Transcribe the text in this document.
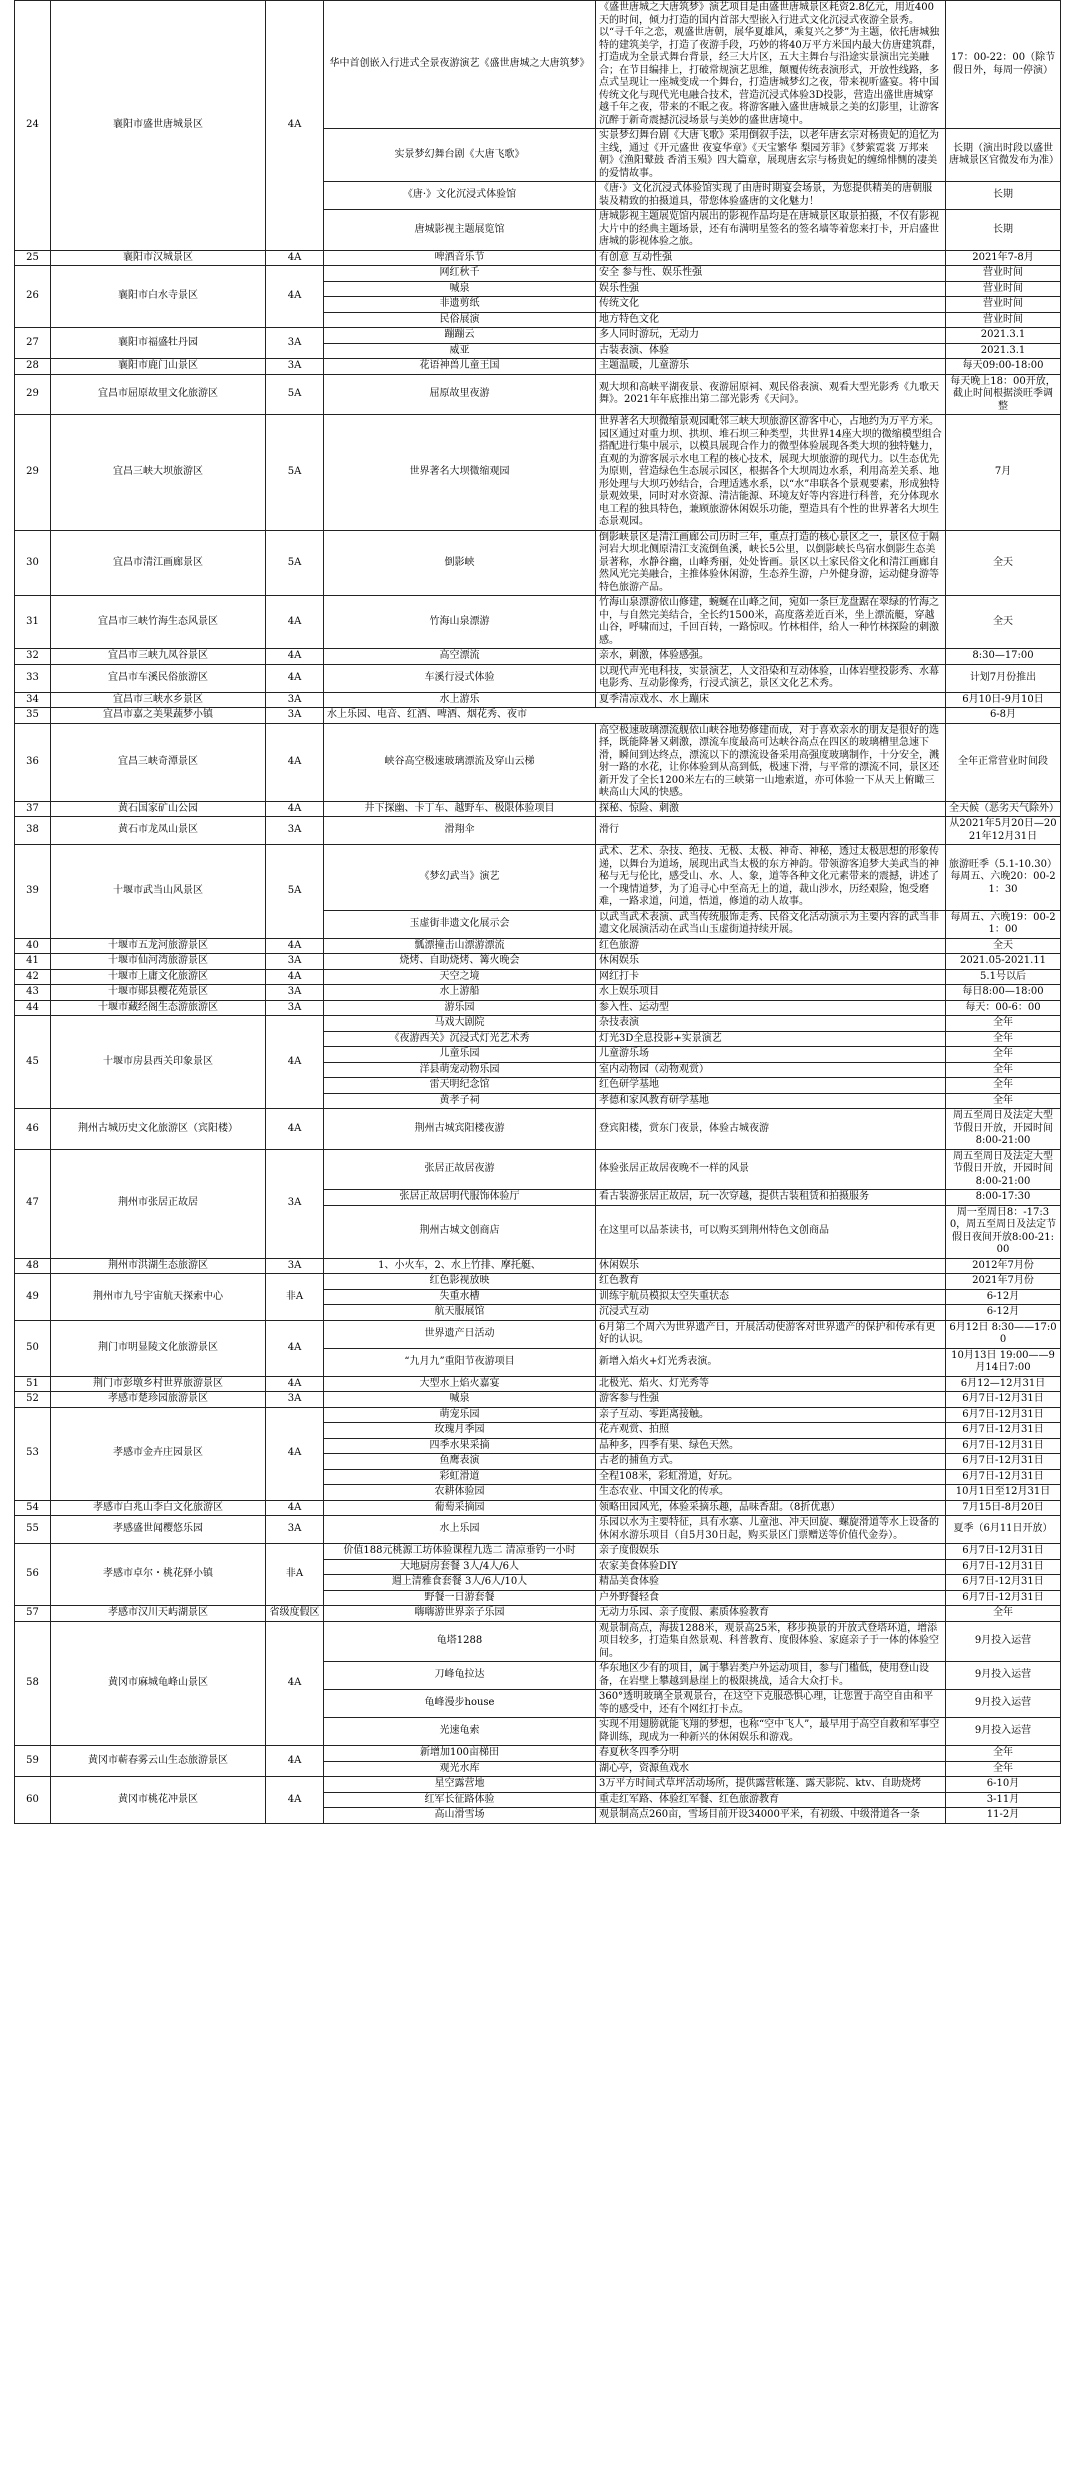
24	襄阳市盛世唐城景区	4A	华中首创嵌入行进式全景夜游演艺《盛世唐城之大唐筑梦》	《盛世唐城之大唐筑梦》演艺项目是由盛世唐城景区耗资2.8亿元，用近400天的时间，倾力打造的国内首部大型嵌入行进式文化沉浸式夜游全景秀。以“寻千年之恋，观盛世唐朝，展华夏雄风，乘复兴之梦”为主题，依托唐城独特的建筑美学，打造了夜游手段，巧妙的将40万平方米国内最大仿唐建筑群，打造成为全景式舞台背景，经三大片区，五大主舞台与沿途实景演出完美融合；在节目编排上，打破常规演艺思维，颠覆传统表演形式，开放性线路，多点式呈现让一座城变成一个舞台，打造唐城梦幻之夜，带来视听盛宴。将中国传统文化与现代光电融合技术，营造沉浸式体验3D投影，营造出盛世唐城穿越千年之夜，带来的不眠之夜。将游客融入盛世唐城景之美的幻影里，让游客沉醉于新奇震撼沉浸场景与美妙的盛世唐境中。	17：00-22：00（除节假日外，每周一停演）
			实景梦幻舞台剧《大唐飞歌》	实景梦幻舞台剧《大唐飞歌》采用倒叙手法，以老年唐玄宗对杨贵妃的追忆为主线，通过《开元盛世 夜宴华章》《天宝繁华 梨园芳菲》《梦萦霓裳 万邦来朝》《渔阳鼙鼓 香消玉殒》四大篇章，展现唐玄宗与杨贵妃的缠绵悱恻的凄美的爱情故事。	长期（演出时段以盛世唐城景区官微发布为准）
			《唐·》文化沉浸式体验馆	《唐·》文化沉浸式体验馆实现了由唐时期宴会场景，为您提供精美的唐朝服装及精致的拍摄道具，带您体验盛唐的文化魅力！	长期
			唐城影视主题展览馆	唐城影视主题展览馆内展出的影视作品均是在唐城景区取景拍摄，不仅有影视大片中的经典主题场景，还有布满明星签名的签名墙等着您来打卡，开启盛世唐城的影视体验之旅。	长期
25	襄阳市汉城景区	4A	啤酒音乐节	有创意 互动性强	2021年7-8月
26	襄阳市白水寺景区	4A	网红秋千	安全 参与性、娱乐性强	营业时间
			喊泉	娱乐性强	营业时间
			非遗剪纸	传统文化	营业时间
			民俗展演	地方特色文化	营业时间
27	襄阳市福盛牡丹园	3A	蹦蹦云	多人同时游玩，无动力	2021.3.1
			威亚	古装表演、体验	2021.3.1
28	襄阳市鹿门山景区	3A	花语神兽儿童王国	主题温暖，儿童游乐	每天09:00-18:00
29	宜昌市屈原故里文化旅游区	5A	屈原故里夜游	观大坝和高峡平湖夜景、夜游屈原祠、观民俗表演、观看大型光影秀《九歌天舞》。2021年年底推出第二部光影秀《天问》。	每天晚上18：00开放，截止时间根据淡旺季调整
29	宜昌三峡大坝旅游区	5A	世界著名大坝微缩观园	世界著名大坝微缩景观园毗邻三峡大坝旅游区游客中心，占地约为万平方米。园区通过对重力坝、拱坝、堆石坝三种类型，共世界14座大坝的微缩模型组合搭配进行集中展示，以模具展现合作力的微型体验展现各类大坝的独特魅力，直观的为游客展示水电工程的核心技术，展现大坝旅游的现代力。以生态优先为原则，营造绿色生态展示园区，根据各个大坝周边水系，利用高差关系、地形处理与大坝巧妙结合，合理适逃水系，以“水”串联各个景观要素，形成独特景观效果，同时对水资源、清洁能源、环境友好等内容进行科普，充分体现水电工程的独具特色，兼顾旅游休闲娱乐功能，塑造具有个性的世界著名大坝生态景观园。	7月
30	宜昌市清江画廊景区	5A	倒影峡	倒影峡景区是清江画廊公司历时三年，重点打造的核心景区之一，景区位于隔河岩大坝北侧原清江支流倒鱼溪，峡长5公里，以倒影峡长鸟宿水倒影生态美景著称，水静谷幽，山峰秀丽，处处皆画。景区以土家民俗文化和清江画廊自然风光完美融合，主推体验休闲游，生态养生游，户外健身游，运动健身游等特色旅游产品。	全天
31	宜昌市三峡竹海生态风景区	4A	竹海山泉漂游	竹海山泉漂游依山修建，蜿蜒在山峰之间，宛如一条巨龙盘踞在翠绿的竹海之中，与自然完美结合，全长约1500米，高度落差近百米，坐上漂流艇，穿越山谷，呼啸而过，千回百转，一路惊叹。竹林相伴，给人一种竹林探险的刺激感。	全天
32	宜昌市三峡九凤谷景区	4A	高空漂流	亲水，刺激，体验感强。	8:30—17:00
33	宜昌市车溪民俗旅游区	4A	车溪行浸式体验	以现代声光电科技，实景演艺，人文沿染和互动体验，山体岩壁投影秀、水幕电影秀、互动影像秀，行浸式演艺，景区文化艺术秀。	计划7月份推出
34	宜昌市三峡水乡景区	3A	水上游乐	夏季清凉戏水、水上蹦床	6月10日-9月10日
35	宜昌市嘉之美果蔬梦小镇	3A	水上乐园、电音、红酒、啤酒、烟花秀、夜市		6-8月
36	宜昌三峡奇潭景区	4A	峡谷高空极速玻璃漂流及穿山云梯	高空极速玻璃漂流舰依山峡谷地势修建而成，对于喜欢亲水的朋友是很好的选择，既能降暑又刺激，漂流车度最高可达峡谷高点在四区的玻璃槽里急速下滑，瞬间到达终点，漂流以下的漂流设备采用高强度玻璃制作，十分安全，溅射一路的水花，让你体验到从高到低，极速下滑，与平常的漂流不同，景区还新开发了全长1200米左右的三峡第一山地索道，亦可体验一下从天上俯瞰三峡高山大风的快感。	全年正常营业时间段
37	黄石国家矿山公园	4A	井下探幽、卡丁车、越野车、极限体验项目	探秘、惊险、刺激	全天候（恶劣天气除外）
38	黄石市龙凤山景区	3A	滑翔伞	滑行	从2021年5月20日—2021年12月31日
39	十堰市武当山风景区	5A	《梦幻武当》演艺	武术、艺术、杂技、绝技、无极、太极、神奇、神秘，透过太极思想的形象传递，以舞台为道场，展现出武当太极的东方神韵。带领游客追梦大美武当的神秘与无与伦比，感受山、水、人、象，道等各种文化元素带来的震撼，讲述了一个瑰情道梦，为了追寻心中至高无上的道，裁山涉水，历经艰险，饱受磨难，一路求道，问道，悟道，修道的动人故事。	旅游旺季（5.1-10.30）每周五、六晚20：00-21：30
			玉虚街非遗文化展示会	以武当武术表演、武当传统服饰走秀、民俗文化活动演示为主要内容的武当非遗文化展演活动在武当山玉虚街道持续开展。	每周五、六晚19：00-21：00
40	十堰市五龙河旅游景区	4A	瓢漂撞击山漂游漂流	红色旅游	全天
41	十堰市仙河湾旅游景区	3A	烧烤、自助烧烤、篝火晚会	休闲娱乐	2021.05-2021.11
42	十堰市上庸文化旅游区	4A	天空之境	网红打卡	5.1号以后
43	十堰市郧县樱花苑景区	3A	水上游船	水上娱乐项目	每日8:00—18:00
44	十堰市藏经阁生态游旅游区	3A	游乐园	参入性、运动型	每天：00-6：00
45	十堰市房县西关印象景区	4A	马戏大剧院	杂技表演	全年
			《夜游西关》沉浸式灯光艺术秀	灯光3D全息投影+实景演艺	全年
			儿童乐园	儿童游乐场	全年
			洋县萌宠动物乐园	室内动物园（动物观赏）	全年
			雷天明纪念馆	红色研学基地	全年
			黄孝子祠	孝德和家风教育研学基地	全年
46	荆州古城历史文化旅游区（宾阳楼）	4A	荆州古城宾阳楼夜游	登宾阳楼，赏东门夜景，体验古城夜游	周五至周日及法定大型节假日开放，开园时间8:00-21:00
47	荆州市张居正故居	3A	张居正故居夜游	体验张居正故居夜晚不一样的风景	周五至周日及法定大型节假日开放，开园时间8:00-21:00
			张居正故居明代服饰体验厅	看古装游张居正故居，玩一次穿越，提供古装租赁和拍摄服务	8:00-17:30
			荆州古城文创商店	在这里可以品茶读书，可以购买到荆州特色文创商品	周一至周日8：-17:30，周五至周日及法定节假日夜间开放8:00-21:00
48	荆州市洪湖生态旅游区	3A	1、小火车，2、水上竹排、摩托艇、	休闲娱乐	2012年7月份
49	荆州市九号宇宙航天探索中心	非A	红色影视放映	红色教育	2021年7月份
			失重水槽	训练宇航员模拟太空失重状态	6-12月
			航天服展馆	沉浸式互动	6-12月
50	荆门市明显陵文化旅游景区	4A	世界遗产日活动	6月第二个周六为世界遗产日，开展活动使游客对世界遗产的保护和传承有更好的认识。	6月12日 8:30——17:00
			“九月九”重阳节夜游项目	新增入焰火+灯光秀表演。	10月13日 19:00——9月14日7:00
51	荆门市彭墩乡村世界旅游景区	4A	大型水上焰火嘉宴	北极光、焰火、灯光秀等	6月12—12月31日
52	孝感市楚珍园旅游景区	3A	喊泉	游客参与性强	6月7日-12月31日
53	孝感市金卉庄园景区	4A	萌宠乐园	亲子互动、零距离接触。	6月7日-12月31日
			玫瑰月季园	花卉观赏、拍照	6月7日-12月31日
			四季水果采摘	品种多，四季有果、绿色天然。	6月7日-12月31日
			鱼鹰表演	古老的捕鱼方式。	6月7日-12月31日
			彩虹滑道	全程108米，彩虹滑道，好玩。	6月7日-12月31日
			农耕体验园	生态农业、中国文化的传承。	10月1日至12月31日
54	孝感市白兆山李白文化旅游区	4A	葡萄采摘园	领略田园风光，体验采摘乐趣，品味香甜。（8折优惠）	7月15日-8月20日
55	孝感盛世闻樱悠乐园	3A	水上乐园	乐园以水为主要特征，具有水寨、儿童池、冲天回旋、螺旋滑道等水上设备的休闲水游乐项目（自5月30日起，购买景区门票赠送等价值代金券）。	夏季（6月11日开放）
56	孝感市卓尔・桃花驿小镇	非A	价值188元桃源工坊体验课程九选二 清凉垂钓一小时	亲子度假娱乐	6月7日-12月31日
			大地厨房套餐 3人/4人/6人	农家美食体验DIY	6月7日-12月31日
			週上清雅食套餐 3人/6人/10人	精品美食体验	6月7日-12月31日
			野餐一日游套餐	户外野餐轻食	6月7日-12月31日
57	孝感市汉川天屿湖景区	省级度假区	嗨嗨游世界亲子乐园	无动力乐园、亲子度假、素质体验教育	全年
58	黄冈市麻城龟峰山景区	4A	龟塔1288	观景制高点，海拔1288米，观景高25米，移步换景的开放式登塔环道，增添项目较多，打造集自然景观、科普教育、度假体验、家庭亲子于一体的体验空间。	9月投入运营
			刀峰龟拉达	华东地区少有的项目，属于攀岩类户外运动项目，参与门槛低，使用登山设备，在岩壁上攀越到悬崖上的极限挑战，适合大众打卡。	9月投入运营
			龟峰漫步house	360°透明玻璃全景观景台，在这空下克服恐惧心理，让您置于高空自由和平等的感受中，还有个网红打卡点。	9月投入运营
			光速龟索	实现不用翅膀就能飞翔的梦想，也称“空中飞人”，最早用于高空自救和军事空降训练，现成为一种新兴的休闲娱乐和游戏。	9月投入运营
59	黄冈市蕲春雾云山生态旅游景区	4A	新增加100亩梯田	春夏秋冬四季分明	全年
			观光水库	湖心亭，资源鱼戏水	全年
60	黄冈市桃花冲景区	4A	星空露营地	3万平方时间式草坪活动场所，提供露营帐篷、露天影院、ktv、自助烧烤	6-10月
			红军长征路体验	重走红军路、体验红军餐、红色旅游教育	3-11月
			高山滑雪场	观景制高点260亩，雪场目前开设34000平米，有初级、中级滑道各一条	11-2月
